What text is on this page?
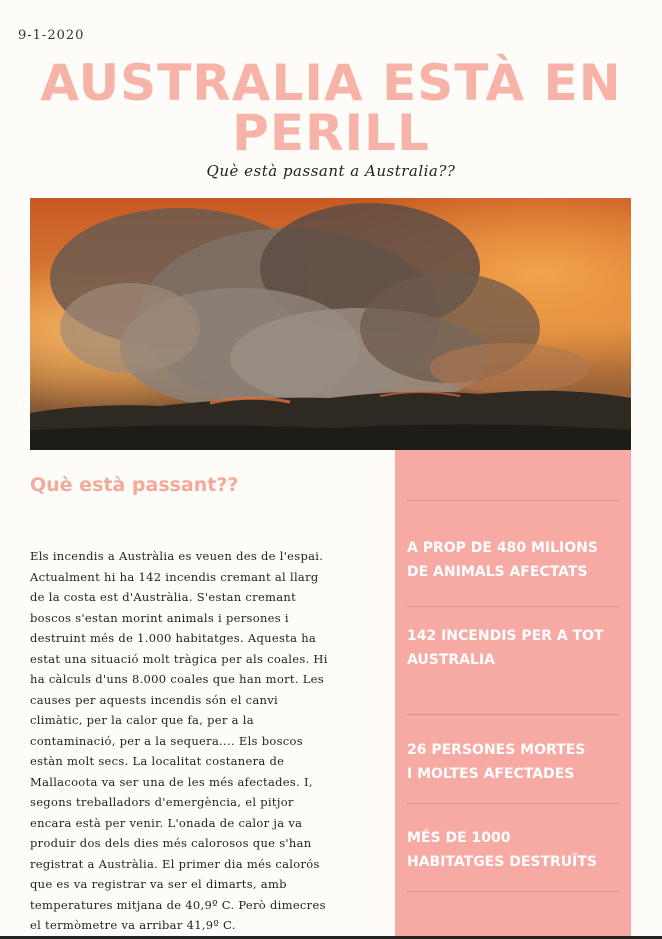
9-1-2020
AUSTRALIA ESTÀ EN PERILL
Què està passant a Australia??
Què està passant??

Els incendis a Austràlia es veuen des de l'espai. Actualment hi ha 142 incendis cremant al llarg de la costa est d'Austràlia. S'estan cremant boscos s'estan morint animals i persones i destruint més de 1.000 habitatges. Aquesta ha estat una situació molt tràgica per als coales. Hi ha càlculs d'uns 8.000 coales que han mort. Les causes per aquests incendis són el canvi climàtic, per la calor que fa, per a la contaminació, per a la sequera.... Els boscos estàn molt secs. La localitat costanera de Mallacoota va ser una de les més afectades. I, segons treballadors d'emergència, el pitjor encara està per venir. L'onada de calor ja va produir dos dels dies més calorosos que s'han registrat a Austràlia. El primer dia més calorós que es va registrar va ser el dimarts, amb temperatures mitjana de 40,9º C. Però dimecres el termòmetre va arribar 41,9º C.

A PROP DE 480 MILIONS
DE ANIMALS AFECTATS
142 INCENDIS PER A TOT
AUSTRALIA
26 PERSONES MORTES
I MOLTES AFECTADES
MÉS DE 1000
HABITATGES DESTRUÏTS
